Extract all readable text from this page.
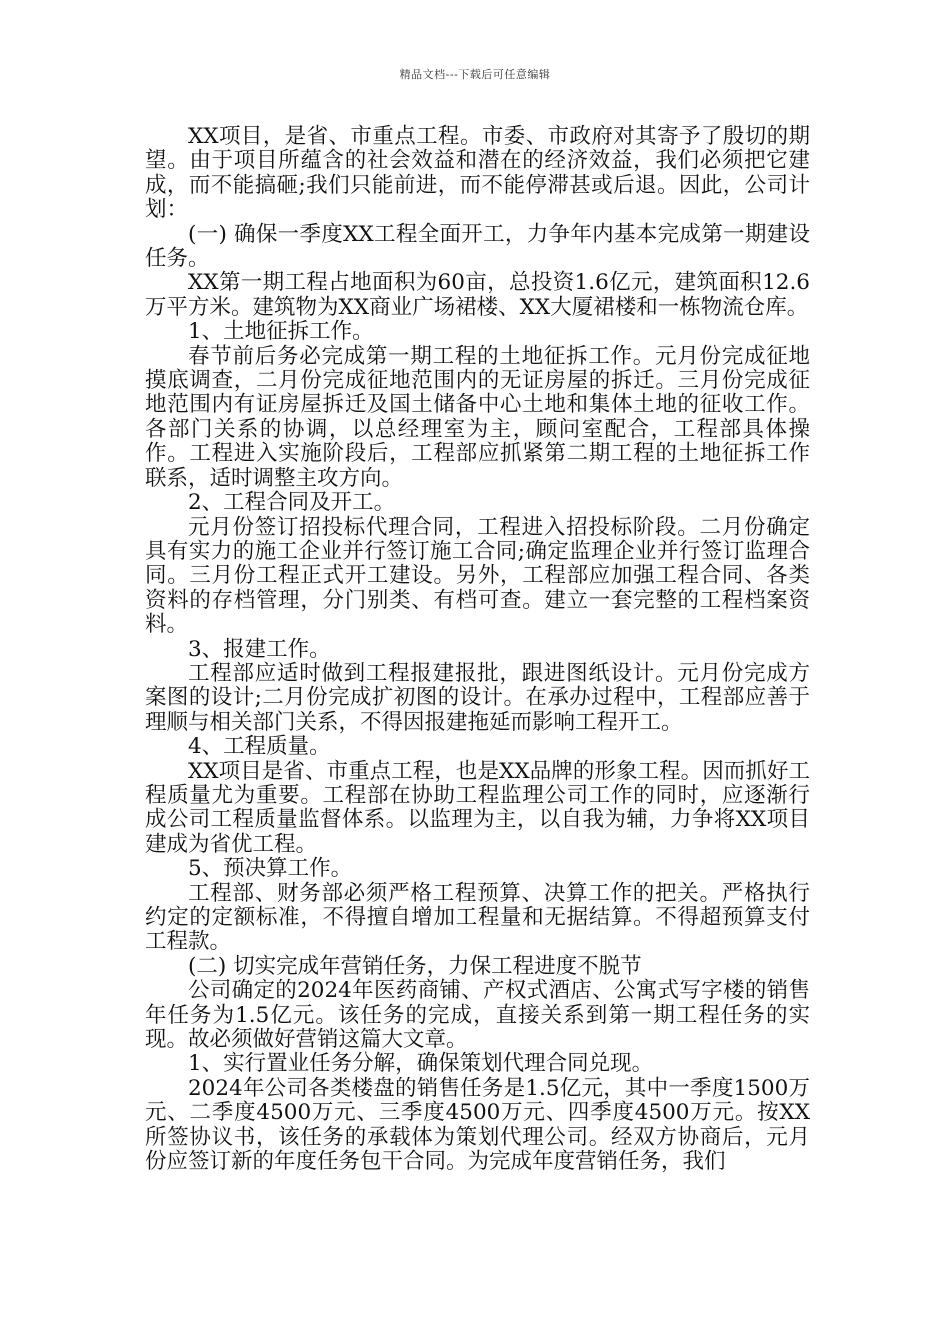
精品文档---下载后可任意编辑

XX项目，是省、市重点工程。市委、市政府对其寄予了殷切的期望。由于项目所蕴含的社会效益和潜在的经济效益，我们必须把它建成，而不能搞砸;我们只能前进，而不能停滞甚或后退。因此，公司计划：

(一) 确保一季度XX工程全面开工，力争年内基本完成第一期建设任务。

XX第一期工程占地面积为60亩，总投资1.6亿元，建筑面积12.6万平方米。建筑物为XX商业广场裙楼、XX大厦裙楼和一栋物流仓库。

1、土地征拆工作。

春节前后务必完成第一期工程的土地征拆工作。元月份完成征地摸底调查，二月份完成征地范围内的无证房屋的拆迁。三月份完成征地范围内有证房屋拆迁及国土储备中心土地和集体土地的征收工作。各部门关系的协调，以总经理室为主，顾问室配合，工程部具体操作。工程进入实施阶段后，工程部应抓紧第二期工程的土地征拆工作联系，适时调整主攻方向。

2、工程合同及开工。

元月份签订招投标代理合同，工程进入招投标阶段。二月份确定具有实力的施工企业并行签订施工合同;确定监理企业并行签订监理合同。三月份工程正式开工建设。另外，工程部应加强工程合同、各类资料的存档管理，分门别类、有档可查。建立一套完整的工程档案资料。

3、报建工作。

工程部应适时做到工程报建报批，跟进图纸设计。元月份完成方案图的设计;二月份完成扩初图的设计。在承办过程中，工程部应善于理顺与相关部门关系，不得因报建拖延而影响工程开工。

4、工程质量。

XX项目是省、市重点工程，也是XX品牌的形象工程。因而抓好工程质量尤为重要。工程部在协助工程监理公司工作的同时，应逐渐行成公司工程质量监督体系。以监理为主，以自我为辅，力争将XX项目建成为省优工程。

5、预决算工作。

工程部、财务部必须严格工程预算、决算工作的把关。严格执行约定的定额标准，不得擅自增加工程量和无据结算。不得超预算支付工程款。

(二) 切实完成年营销任务，力保工程进度不脱节

公司确定的2024年医药商铺、产权式酒店、公寓式写字楼的销售年任务为1.5亿元。该任务的完成，直接关系到第一期工程任务的实现。故必须做好营销这篇大文章。

1、实行置业任务分解，确保策划代理合同兑现。

2024年公司各类楼盘的销售任务是1.5亿元，其中一季度1500万元、二季度4500万元、三季度4500万元、四季度4500万元。按XX所签协议书，该任务的承载体为策划代理公司。经双方协商后，元月份应签订新的年度任务包干合同。为完成年度营销任务，我们
